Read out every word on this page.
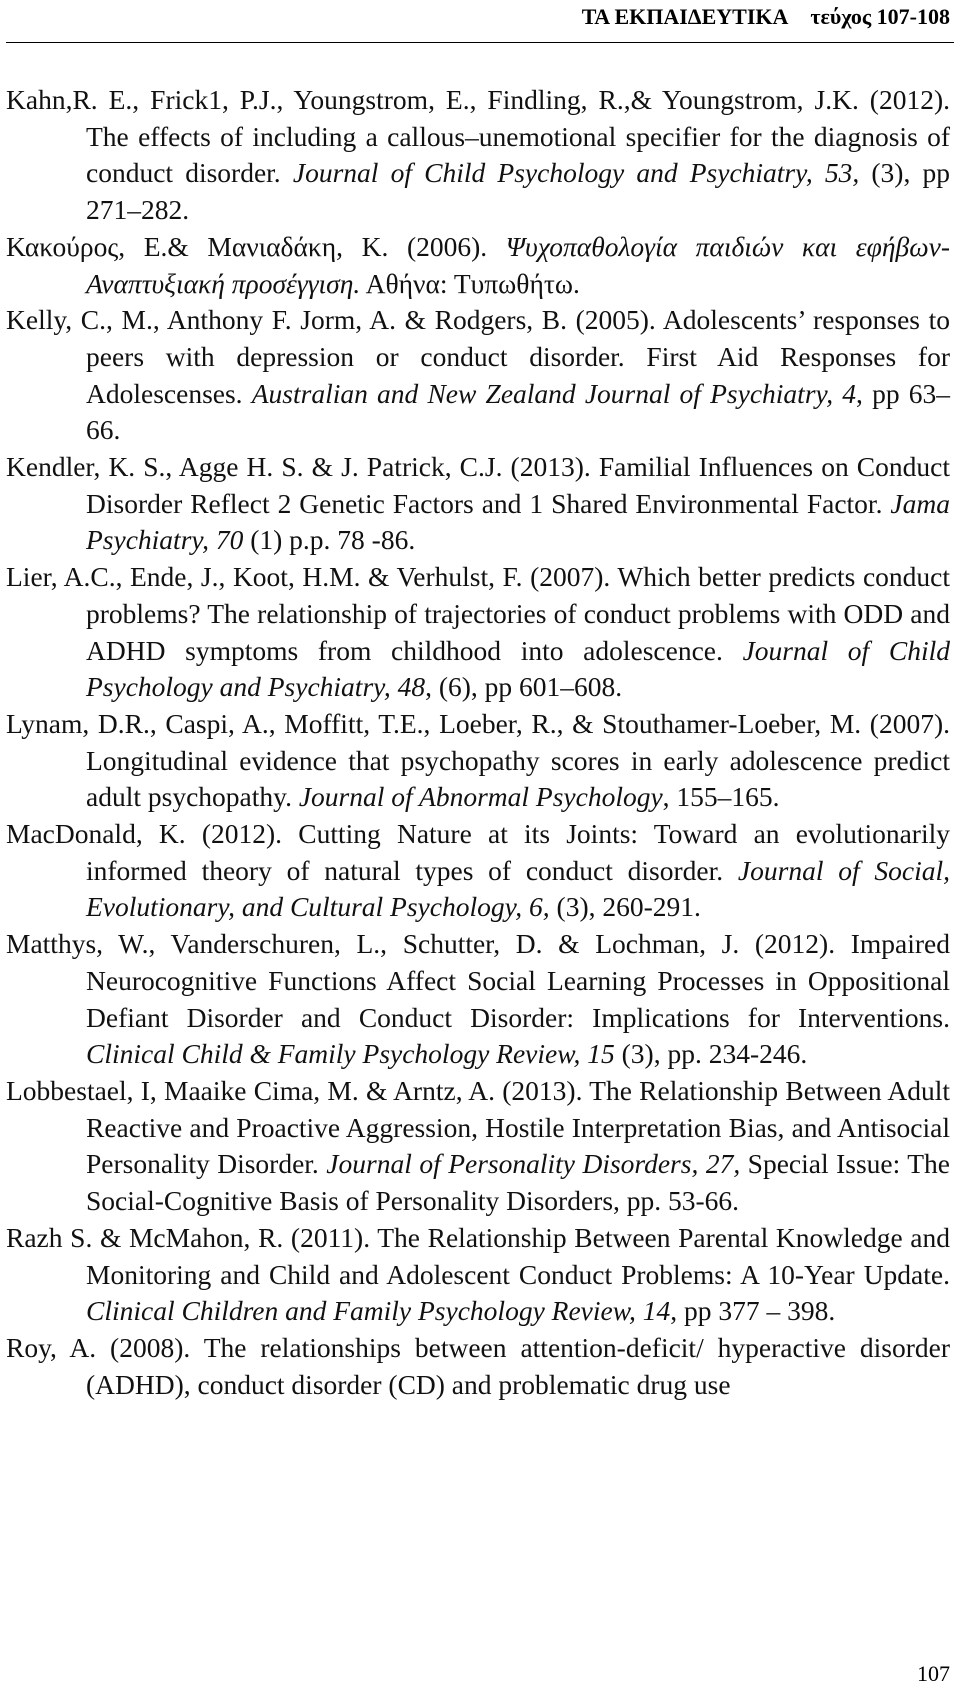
ΤΑ ΕΚΠΑΙΔΕΥΤΙΚΑ τεύχος 107-108

Kahn,R. E., Frick1, P.J., Youngstrom, E., Findling, R.,& Youngstrom, J.K. (2012). The effects of including a callous–unemotional specifier for the diagnosis of conduct disorder. Journal of Child Psychology and Psychiatry, 53, (3), pp 271–282.

Κακούρος, Ε.& Μανιαδάκη, Κ. (2006). Ψυχοπαθολογία παιδιών και εφήβων- Αναπτυξιακή προσέγγιση. Αθήνα: Τυπωθήτω.

Kelly, C., M., Anthony F. Jorm, A. & Rodgers, B. (2005). Adolescents’ responses to peers with depression or conduct disorder. First Aid Responses for Adolescenses. Australian and New Zealand Journal of Psychiatry, 4, pp 63–66.

Kendler, K. S., Agge H. S. & J. Patrick, C.J. (2013). Familial Influences on Conduct Disorder Reflect 2 Genetic Factors and 1 Shared Environmental Factor. Jama Psychiatry, 70 (1) p.p. 78 -86.

Lier, A.C., Ende, J., Koot, H.M. & Verhulst, F. (2007). Which better predicts conduct problems? The relationship of trajectories of conduct problems with ODD and ADHD symptoms from childhood into adolescence. Journal of Child Psychology and Psychiatry, 48, (6), pp 601–608.

Lynam, D.R., Caspi, A., Moffitt, T.E., Loeber, R., & Stouthamer-Loeber, M. (2007). Longitudinal evidence that psychopathy scores in early adolescence predict adult psychopathy. Journal of Abnormal Psychology, 155–165.

MacDonald, K. (2012). Cutting Nature at its Joints: Toward an evolutionarily informed theory of natural types of conduct disorder. Journal of Social, Evolutionary, and Cultural Psychology, 6, (3), 260-291.

Matthys, W., Vanderschuren, L., Schutter, D. & Lochman, J. (2012). Impaired Neurocognitive Functions Affect Social Learning Processes in Oppositional Defiant Disorder and Conduct Disorder: Implications for Interventions. Clinical Child & Family Psychology Review, 15 (3), pp. 234-246.

Lobbestael, I, Maaike Cima, M. & Arntz, A. (2013). The Relationship Between Adult Reactive and Proactive Aggression, Hostile Interpretation Bias, and Antisocial Personality Disorder. Journal of Personality Disorders, 27, Special Issue: The Social-Cognitive Basis of Personality Disorders, pp. 53-66.

Razh S. & McMahon, R. (2011). The Relationship Between Parental Knowledge and Monitoring and Child and Adolescent Conduct Problems: A 10-Year Update. Clinical Children and Family Psychology Review, 14, pp 377 – 398.

Roy, A. (2008). The relationships between attention-deficit/ hyperactive disorder (ADHD), conduct disorder (CD) and problematic drug use

107
